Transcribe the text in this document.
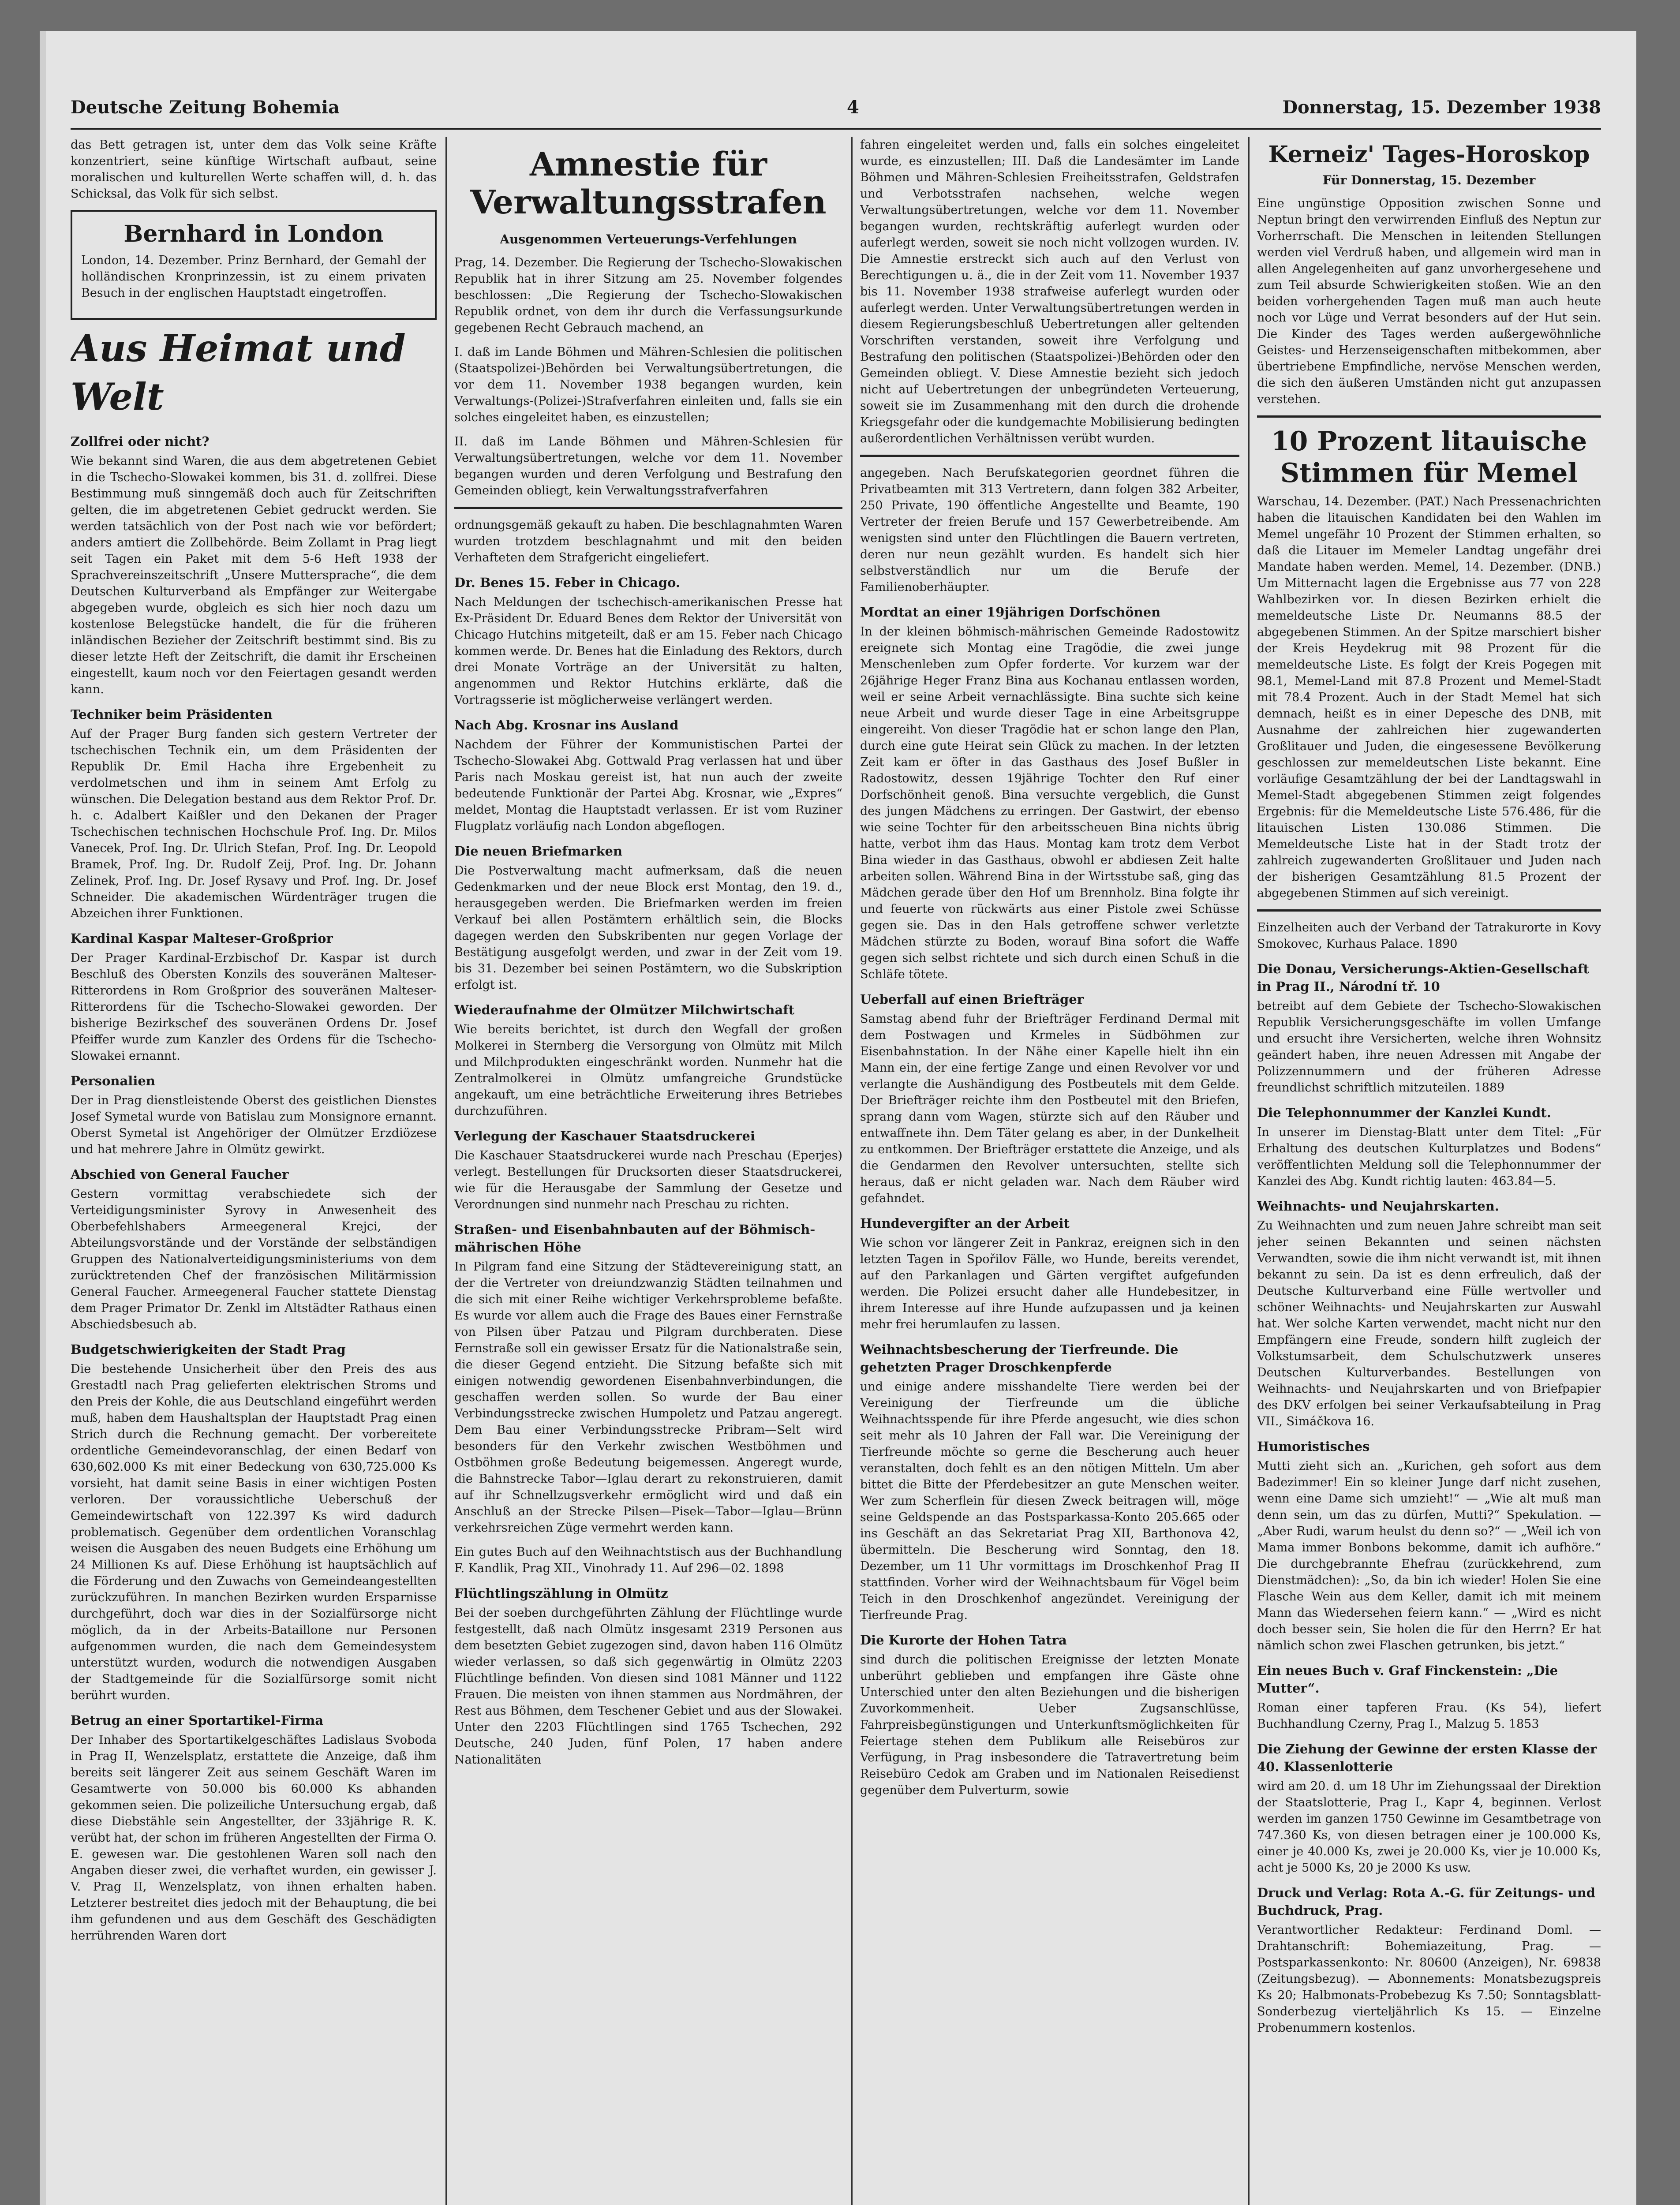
Deutsche Zeitung Bohemia	4	Donnerstag, 15. Dezember 1938

das Bett getragen ist, unter dem das Volk seine Kräfte konzentriert, seine künftige Wirtschaft aufbaut, seine moralischen und kulturellen Werte schaffen will, d. h. das Schicksal, das Volk für sich selbst.

Bernhard in London

London, 14. Dezember. Prinz Bernhard, der Gemahl der holländischen Kronprinzessin, ist zu einem privaten Besuch in der englischen Hauptstadt eingetroffen.

Aus Heimat und Welt
Zollfrei oder nicht?

Wie bekannt sind Waren, die aus dem abgetretenen Gebiet in die Tschecho-Slowakei kommen, bis 31. d. zollfrei. Diese Bestimmung muß sinngemäß doch auch für Zeitschriften gelten, die im abgetretenen Gebiet gedruckt werden. Sie werden tatsächlich von der Post nach wie vor befördert; anders amtiert die Zollbehörde. Beim Zollamt in Prag liegt seit Tagen ein Paket mit dem 5-6 Heft 1938 der Sprachvereinszeitschrift „Unsere Muttersprache“, die dem Deutschen Kulturverband als Empfänger zur Weitergabe abgegeben wurde, obgleich es sich hier noch dazu um kostenlose Belegstücke handelt, die für die früheren inländischen Bezieher der Zeitschrift bestimmt sind. Bis zu dieser letzte Heft der Zeitschrift, die damit ihr Erscheinen eingestellt, kaum noch vor den Feiertagen gesandt werden kann.

Techniker beim Präsidenten

Auf der Prager Burg fanden sich gestern Vertreter der tschechischen Technik ein, um dem Präsidenten der Republik Dr. Emil Hacha ihre Ergebenheit zu verdolmetschen und ihm in seinem Amt Erfolg zu wünschen. Die Delegation bestand aus dem Rektor Prof. Dr. h. c. Adalbert Kaißler und den Dekanen der Prager Tschechischen technischen Hochschule Prof. Ing. Dr. Milos Vanecek, Prof. Ing. Dr. Ulrich Stefan, Prof. Ing. Dr. Leopold Bramek, Prof. Ing. Dr. Rudolf Zeij, Prof. Ing. Dr. Johann Zelinek, Prof. Ing. Dr. Josef Rysavy und Prof. Ing. Dr. Josef Schneider. Die akademischen Würdenträger trugen die Abzeichen ihrer Funktionen.

Kardinal Kaspar Malteser-Großprior

Der Prager Kardinal-Erzbischof Dr. Kaspar ist durch Beschluß des Obersten Konzils des souveränen Malteser-Ritterordens in Rom Großprior des souveränen Malteser-Ritterordens für die Tschecho-Slowakei geworden. Der bisherige Bezirkschef des souveränen Ordens Dr. Josef Pfeiffer wurde zum Kanzler des Ordens für die Tschecho-Slowakei ernannt.

Personalien

Der in Prag dienstleistende Oberst des geistlichen Dienstes Josef Symetal wurde von Batislau zum Monsignore ernannt. Oberst Symetal ist Angehöriger der Olmützer Erzdiözese und hat mehrere Jahre in Olmütz gewirkt.

Abschied von General Faucher

Gestern vormittag verabschiedete sich der Verteidigungsminister Syrovy in Anwesenheit des Oberbefehlshabers Armeegeneral Krejci, der Abteilungsvorstände und der Vorstände der selbständigen Gruppen des Nationalverteidigungsministeriums von dem zurücktretenden Chef der französischen Militärmission General Faucher. Armeegeneral Faucher stattete Dienstag dem Prager Primator Dr. Zenkl im Altstädter Rathaus einen Abschiedsbesuch ab.

Budgetschwierigkeiten der Stadt Prag

Die bestehende Unsicherheit über den Preis des aus Grestadtl nach Prag gelieferten elektrischen Stroms und den Preis der Kohle, die aus Deutschland eingeführt werden muß, haben dem Haushaltsplan der Hauptstadt Prag einen Strich durch die Rechnung gemacht. Der vorbereitete ordentliche Gemeindevoranschlag, der einen Bedarf von 630,602.000 Ks mit einer Bedeckung von 630,725.000 Ks vorsieht, hat damit seine Basis in einer wichtigen Posten verloren. Der voraussichtliche Ueberschuß der Gemeindewirtschaft von 122.397 Ks wird dadurch problematisch. Gegenüber dem ordentlichen Voranschlag weisen die Ausgaben des neuen Budgets eine Erhöhung um 24 Millionen Ks auf. Diese Erhöhung ist hauptsächlich auf die Förderung und den Zuwachs von Gemeindeangestellten zurückzuführen. In manchen Bezirken wurden Ersparnisse durchgeführt, doch war dies in der Sozialfürsorge nicht möglich, da in der Arbeits-Bataillone nur Personen aufgenommen wurden, die nach dem Gemeindesystem unterstützt wurden, wodurch die notwendigen Ausgaben der Stadtgemeinde für die Sozialfürsorge somit nicht berührt wurden.

Betrug an einer Sportartikel-Firma

Der Inhaber des Sportartikelgeschäftes Ladislaus Svoboda in Prag II, Wenzelsplatz, erstattete die Anzeige, daß ihm bereits seit längerer Zeit aus seinem Geschäft Waren im Gesamtwerte von 50.000 bis 60.000 Ks abhanden gekommen seien. Die polizeiliche Untersuchung ergab, daß diese Diebstähle sein Angestellter, der 33jährige R. K. verübt hat, der schon im früheren Angestellten der Firma O. E. gewesen war. Die gestohlenen Waren soll nach den Angaben dieser zwei, die verhaftet wurden, ein gewisser J. V. Prag II, Wenzelsplatz, von ihnen erhalten haben. Letzterer bestreitet dies jedoch mit der Behauptung, die bei ihm gefundenen und aus dem Geschäft des Geschädigten herrührenden Waren dort

Amnestie für Verwaltungsstrafen
Ausgenommen Verteuerungs-Verfehlungen

Prag, 14. Dezember. Die Regierung der Tschecho-Slowakischen Republik hat in ihrer Sitzung am 25. November folgendes beschlossen: „Die Regierung der Tschecho-Slowakischen Republik ordnet, von dem ihr durch die Verfassungsurkunde gegebenen Recht Gebrauch machend, an

I. daß im Lande Böhmen und Mähren-Schlesien die politischen (Staatspolizei-)Behörden bei Verwaltungsübertretungen, die vor dem 11. November 1938 begangen wurden, kein Verwaltungs-(Polizei-)Strafverfahren einleiten und, falls sie ein solches eingeleitet haben, es einzustellen;

II. daß im Lande Böhmen und Mähren-Schlesien für Verwaltungsübertretungen, welche vor dem 11. November begangen wurden und deren Verfolgung und Bestrafung den Gemeinden obliegt, kein Verwaltungsstrafverfahren

ordnungsgemäß gekauft zu haben. Die beschlagnahmten Waren wurden trotzdem beschlagnahmt und mit den beiden Verhafteten dem Strafgericht eingeliefert.

Dr. Benes 15. Feber in Chicago.

Nach Meldungen der tschechisch-amerikanischen Presse hat Ex-Präsident Dr. Eduard Benes dem Rektor der Universität von Chicago Hutchins mitgeteilt, daß er am 15. Feber nach Chicago kommen werde. Dr. Benes hat die Einladung des Rektors, durch drei Monate Vorträge an der Universität zu halten, angenommen und Rektor Hutchins erklärte, daß die Vortragsserie ist möglicherweise verlängert werden.

Nach Abg. Krosnar ins Ausland

Nachdem der Führer der Kommunistischen Partei der Tschecho-Slowakei Abg. Gottwald Prag verlassen hat und über Paris nach Moskau gereist ist, hat nun auch der zweite bedeutende Funktionär der Partei Abg. Krosnar, wie „Expres“ meldet, Montag die Hauptstadt verlassen. Er ist vom Ruziner Flugplatz vorläufig nach London abgeflogen.

Die neuen Briefmarken

Die Postverwaltung macht aufmerksam, daß die neuen Gedenkmarken und der neue Block erst Montag, den 19. d., herausgegeben werden. Die Briefmarken werden im freien Verkauf bei allen Postämtern erhältlich sein, die Blocks dagegen werden den Subskribenten nur gegen Vorlage der Bestätigung ausgefolgt werden, und zwar in der Zeit vom 19. bis 31. Dezember bei seinen Postämtern, wo die Subskription erfolgt ist.

Wiederaufnahme der Olmützer Milchwirtschaft

Wie bereits berichtet, ist durch den Wegfall der großen Molkerei in Sternberg die Versorgung von Olmütz mit Milch und Milchprodukten eingeschränkt worden. Nunmehr hat die Zentralmolkerei in Olmütz umfangreiche Grundstücke angekauft, um eine beträchtliche Erweiterung ihres Betriebes durchzuführen.

Verlegung der Kaschauer Staatsdruckerei

Die Kaschauer Staatsdruckerei wurde nach Preschau (Eperjes) verlegt. Bestellungen für Drucksorten dieser Staatsdruckerei, wie für die Herausgabe der Sammlung der Gesetze und Verordnungen sind nunmehr nach Preschau zu richten.

Straßen- und Eisenbahnbauten auf der Böhmisch-mährischen Höhe

In Pilgram fand eine Sitzung der Städtevereinigung statt, an der die Vertreter von dreiundzwanzig Städten teilnahmen und die sich mit einer Reihe wichtiger Verkehrsprobleme befaßte. Es wurde vor allem auch die Frage des Baues einer Fernstraße von Pilsen über Patzau und Pilgram durchberaten. Diese Fernstraße soll ein gewisser Ersatz für die Nationalstraße sein, die dieser Gegend entzieht. Die Sitzung befaßte sich mit einigen notwendig gewordenen Eisenbahnverbindungen, die geschaffen werden sollen. So wurde der Bau einer Verbindungsstrecke zwischen Humpoletz und Patzau angeregt. Dem Bau einer Verbindungsstrecke Pribram—Selt wird besonders für den Verkehr zwischen Westböhmen und Ostböhmen große Bedeutung beigemessen. Angeregt wurde, die Bahnstrecke Tabor—Iglau derart zu rekonstruieren, damit auf ihr Schnellzugsverkehr ermöglicht wird und daß ein Anschluß an der Strecke Pilsen—Pisek—Tabor—Iglau—Brünn verkehrsreichen Züge vermehrt werden kann.

Ein gutes Buch auf den Weihnachtstisch aus der Buchhandlung F. Kandlik, Prag XII., Vinohrady 11. Auf 296—02. 1898

Flüchtlingszählung in Olmütz

Bei der soeben durchgeführten Zählung der Flüchtlinge wurde festgestellt, daß nach Olmütz insgesamt 2319 Personen aus dem besetzten Gebiet zugezogen sind, davon haben 116 Olmütz wieder verlassen, so daß sich gegenwärtig in Olmütz 2203 Flüchtlinge befinden. Von diesen sind 1081 Männer und 1122 Frauen. Die meisten von ihnen stammen aus Nordmähren, der Rest aus Böhmen, dem Teschener Gebiet und aus der Slowakei. Unter den 2203 Flüchtlingen sind 1765 Tschechen, 292 Deutsche, 240 Juden, fünf Polen, 17 haben andere Nationalitäten

fahren eingeleitet werden und, falls ein solches eingeleitet wurde, es einzustellen; III. Daß die Landesämter im Lande Böhmen und Mähren-Schlesien Freiheitsstrafen, Geldstrafen und Verbotsstrafen nachsehen, welche wegen Verwaltungsübertretungen, welche vor dem 11. November begangen wurden, rechtskräftig auferlegt wurden oder auferlegt werden, soweit sie noch nicht vollzogen wurden. IV. Die Amnestie erstreckt sich auch auf den Verlust von Berechtigungen u. ä., die in der Zeit vom 11. November 1937 bis 11. November 1938 strafweise auferlegt wurden oder auferlegt werden. Unter Verwaltungsübertretungen werden in diesem Regierungsbeschluß Uebertretungen aller geltenden Vorschriften verstanden, soweit ihre Verfolgung und Bestrafung den politischen (Staatspolizei-)Behörden oder den Gemeinden obliegt. V. Diese Amnestie bezieht sich jedoch nicht auf Uebertretungen der unbegründeten Verteuerung, soweit sie im Zusammenhang mit den durch die drohende Kriegsgefahr oder die kundgemachte Mobilisierung bedingten außerordentlichen Verhältnissen verübt wurden.

angegeben. Nach Berufskategorien geordnet führen die Privatbeamten mit 313 Vertretern, dann folgen 382 Arbeiter, 250 Private, 190 öffentliche Angestellte und Beamte, 190 Vertreter der freien Berufe und 157 Gewerbetreibende. Am wenigsten sind unter den Flüchtlingen die Bauern vertreten, deren nur neun gezählt wurden. Es handelt sich hier selbstverständlich nur um die Berufe der Familienoberhäupter.

Mordtat an einer 19jährigen Dorfschönen

In der kleinen böhmisch-mährischen Gemeinde Radostowitz ereignete sich Montag eine Tragödie, die zwei junge Menschenleben zum Opfer forderte. Vor kurzem war der 26jährige Heger Franz Bina aus Kochanau entlassen worden, weil er seine Arbeit vernachlässigte. Bina suchte sich keine neue Arbeit und wurde dieser Tage in eine Arbeitsgruppe eingereiht. Von dieser Tragödie hat er schon lange den Plan, durch eine gute Heirat sein Glück zu machen. In der letzten Zeit kam er öfter in das Gasthaus des Josef Bußler in Radostowitz, dessen 19jährige Tochter den Ruf einer Dorfschönheit genoß. Bina versuchte vergeblich, die Gunst des jungen Mädchens zu erringen. Der Gastwirt, der ebenso wie seine Tochter für den arbeitsscheuen Bina nichts übrig hatte, verbot ihm das Haus. Montag kam trotz dem Verbot Bina wieder in das Gasthaus, obwohl er abdiesen Zeit halte arbeiten sollen. Während Bina in der Wirtsstube saß, ging das Mädchen gerade über den Hof um Brennholz. Bina folgte ihr und feuerte von rückwärts aus einer Pistole zwei Schüsse gegen sie. Das in den Hals getroffene schwer verletzte Mädchen stürzte zu Boden, worauf Bina sofort die Waffe gegen sich selbst richtete und sich durch einen Schuß in die Schläfe tötete.

Ueberfall auf einen Briefträger

Samstag abend fuhr der Briefträger Ferdinand Dermal mit dem Postwagen und Krmeles in Südböhmen zur Eisenbahnstation. In der Nähe einer Kapelle hielt ihn ein Mann ein, der eine fertige Zange und einen Revolver vor und verlangte die Aushändigung des Postbeutels mit dem Gelde. Der Briefträger reichte ihm den Postbeutel mit den Briefen, sprang dann vom Wagen, stürzte sich auf den Räuber und entwaffnete ihn. Dem Täter gelang es aber, in der Dunkelheit zu entkommen. Der Briefträger erstattete die Anzeige, und als die Gendarmen den Revolver untersuchten, stellte sich heraus, daß er nicht geladen war. Nach dem Räuber wird gefahndet.

Hundevergifter an der Arbeit

Wie schon vor längerer Zeit in Pankraz, ereignen sich in den letzten Tagen in Spořilov Fälle, wo Hunde, bereits verendet, auf den Parkanlagen und Gärten vergiftet aufgefunden werden. Die Polizei ersucht daher alle Hundebesitzer, in ihrem Interesse auf ihre Hunde aufzupassen und ja keinen mehr frei herumlaufen zu lassen.

Weihnachtsbescherung der Tierfreunde. Die gehetzten Prager Droschkenpferde

und einige andere misshandelte Tiere werden bei der Vereinigung der Tierfreunde um die übliche Weihnachtsspende für ihre Pferde angesucht, wie dies schon seit mehr als 10 Jahren der Fall war. Die Vereinigung der Tierfreunde möchte so gerne die Bescherung auch heuer veranstalten, doch fehlt es an den nötigen Mitteln. Um aber bittet die Bitte der Pferdebesitzer an gute Menschen weiter. Wer zum Scherflein für diesen Zweck beitragen will, möge seine Geldspende an das Postsparkassa-Konto 205.665 oder ins Geschäft an das Sekretariat Prag XII, Barthonova 42, übermitteln. Die Bescherung wird Sonntag, den 18. Dezember, um 11 Uhr vormittags im Droschkenhof Prag II stattfinden. Vorher wird der Weihnachtsbaum für Vögel beim Teich in den Droschkenhof angezündet. Vereinigung der Tierfreunde Prag.

Die Kurorte der Hohen Tatra

sind durch die politischen Ereignisse der letzten Monate unberührt geblieben und empfangen ihre Gäste ohne Unterschied unter den alten Beziehungen und die bisherigen Zuvorkommenheit. Ueber Zugsanschlüsse, Fahrpreisbegünstigungen und Unterkunftsmöglichkeiten für Feiertage stehen dem Publikum alle Reisebüros zur Verfügung, in Prag insbesondere die Tatravertretung beim Reisebüro Cedok am Graben und im Nationalen Reisedienst gegenüber dem Pulverturm, sowie

Kerneiz' Tages-Horoskop
Für Donnerstag, 15. Dezember

Eine ungünstige Opposition zwischen Sonne und Neptun bringt den verwirrenden Einfluß des Neptun zur Vorherrschaft. Die Menschen in leitenden Stellungen werden viel Verdruß haben, und allgemein wird man in allen Angelegenheiten auf ganz unvorhergesehene und zum Teil absurde Schwierigkeiten stoßen. Wie an den beiden vorhergehenden Tagen muß man auch heute noch vor Lüge und Verrat besonders auf der Hut sein. Die Kinder des Tages werden außergewöhnliche Geistes- und Herzenseigenschaften mitbekommen, aber übertriebene Empfindliche, nervöse Menschen werden, die sich den äußeren Umständen nicht gut anzupassen verstehen.

10 Prozent litauische Stimmen für Memel

Warschau, 14. Dezember. (PAT.) Nach Pressenachrichten haben die litauischen Kandidaten bei den Wahlen im Memel ungefähr 10 Prozent der Stimmen erhalten, so daß die Litauer im Memeler Landtag ungefähr drei Mandate haben werden. Memel, 14. Dezember. (DNB.) Um Mitternacht lagen die Ergebnisse aus 77 von 228 Wahlbezirken vor. In diesen Bezirken erhielt die memeldeutsche Liste Dr. Neumanns 88.5 der abgegebenen Stimmen. An der Spitze marschiert bisher der Kreis Heydekrug mit 98 Prozent für die memeldeutsche Liste. Es folgt der Kreis Pogegen mit 98.1, Memel-Land mit 87.8 Prozent und Memel-Stadt mit 78.4 Prozent. Auch in der Stadt Memel hat sich demnach, heißt es in einer Depesche des DNB, mit Ausnahme der zahlreichen hier zugewanderten Großlitauer und Juden, die eingesessene Bevölkerung geschlossen zur memeldeutschen Liste bekannt. Eine vorläufige Gesamtzählung der bei der Landtagswahl in Memel-Stadt abgegebenen Stimmen zeigt folgendes Ergebnis: für die Memeldeutsche Liste 576.486, für die litauischen Listen 130.086 Stimmen. Die Memeldeutsche Liste hat in der Stadt trotz der zahlreich zugewanderten Großlitauer und Juden nach der bisherigen Gesamtzählung 81.5 Prozent der abgegebenen Stimmen auf sich vereinigt.

Einzelheiten auch der Verband der Tatrakurorte in Kovy Smokovec, Kurhaus Palace. 1890

Die Donau, Versicherungs-Aktien-Gesellschaft in Prag II., Národní tř. 10

betreibt auf dem Gebiete der Tschecho-Slowakischen Republik Versicherungsgeschäfte im vollen Umfange und ersucht ihre Versicherten, welche ihren Wohnsitz geändert haben, ihre neuen Adressen mit Angabe der Polizzennummern und der früheren Adresse freundlichst schriftlich mitzuteilen. 1889

Die Telephonnummer der Kanzlei Kundt.

In unserer im Dienstag-Blatt unter dem Titel: „Für Erhaltung des deutschen Kulturplatzes und Bodens“ veröffentlichten Meldung soll die Telephonnummer der Kanzlei des Abg. Kundt richtig lauten: 463.84—5.

Weihnachts- und Neujahrskarten.

Zu Weihnachten und zum neuen Jahre schreibt man seit jeher seinen Bekannten und seinen nächsten Verwandten, sowie die ihm nicht verwandt ist, mit ihnen bekannt zu sein. Da ist es denn erfreulich, daß der Deutsche Kulturverband eine Fülle wertvoller und schöner Weihnachts- und Neujahrskarten zur Auswahl hat. Wer solche Karten verwendet, macht nicht nur den Empfängern eine Freude, sondern hilft zugleich der Volkstumsarbeit, dem Schulschutzwerk unseres Deutschen Kulturverbandes. Bestellungen von Weihnachts- und Neujahrskarten und von Briefpapier des DKV erfolgen bei seiner Verkaufsabteilung in Prag VII., Simáčkova 16.

Humoristisches

Mutti zieht sich an. „Kurichen, geh sofort aus dem Badezimmer! Ein so kleiner Junge darf nicht zusehen, wenn eine Dame sich umzieht!“ — „Wie alt muß man denn sein, um das zu dürfen, Mutti?“ Spekulation. — „Aber Rudi, warum heulst du denn so?“ — „Weil ich von Mama immer Bonbons bekomme, damit ich aufhöre.“ Die durchgebrannte Ehefrau (zurückkehrend, zum Dienstmädchen): „So, da bin ich wieder! Holen Sie eine Flasche Wein aus dem Keller, damit ich mit meinem Mann das Wiedersehen feiern kann.“ — „Wird es nicht doch besser sein, Sie holen die für den Herrn? Er hat nämlich schon zwei Flaschen getrunken, bis jetzt.“

Ein neues Buch v. Graf Finckenstein: „Die Mutter“.

Roman einer tapferen Frau. (Ks 54), liefert Buchhandlung Czerny, Prag I., Malzug 5. 1853

Die Ziehung der Gewinne der ersten Klasse der 40. Klassenlotterie

wird am 20. d. um 18 Uhr im Ziehungssaal der Direktion der Staatslotterie, Prag I., Kapr 4, beginnen. Verlost werden im ganzen 1750 Gewinne im Gesamtbetrage von 747.360 Ks, von diesen betragen einer je 100.000 Ks, einer je 40.000 Ks, zwei je 20.000 Ks, vier je 10.000 Ks, acht je 5000 Ks, 20 je 2000 Ks usw.

Druck und Verlag: Rota A.-G. für Zeitungs- und Buchdruck, Prag.

Verantwortlicher Redakteur: Ferdinand Doml. — Drahtanschrift: Bohemiazeitung, Prag. — Postsparkassenkonto: Nr. 80600 (Anzeigen), Nr. 69838 (Zeitungsbezug). — Abonnements: Monatsbezugspreis Ks 20; Halbmonats-Probebezug Ks 7.50; Sonntagsblatt-Sonderbezug vierteljährlich Ks 15. — Einzelne Probenummern kostenlos.
